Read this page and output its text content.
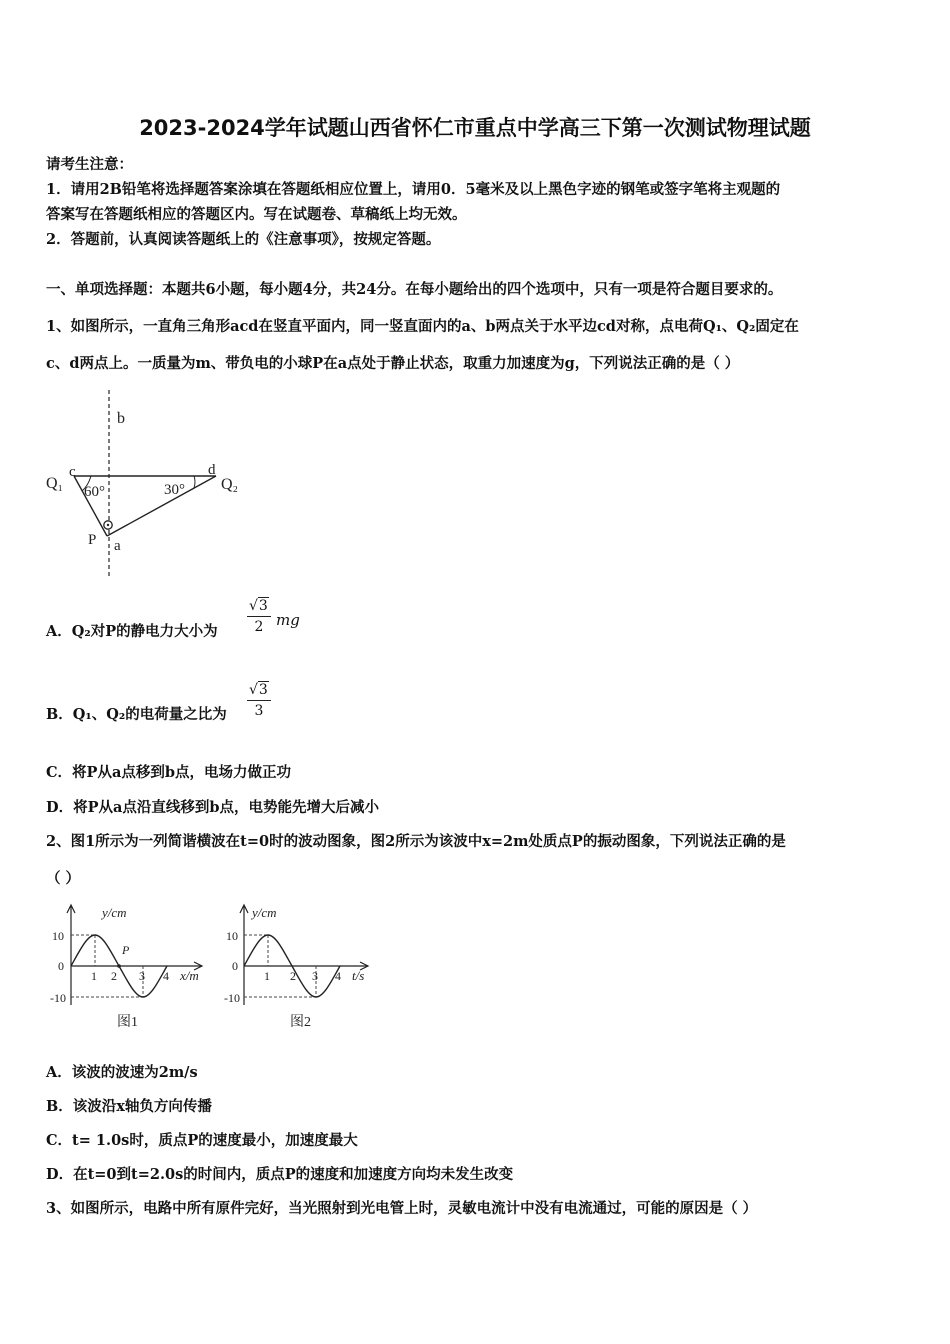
2023-2024学年试题山西省怀仁市重点中学高三下第一次测试物理试题
请考生注意：
1．请用2B铅笔将选择题答案涂填在答题纸相应位置上，请用0．5毫米及以上黑色字迹的钢笔或签字笔将主观题的
答案写在答题纸相应的答题区内。写在试题卷、草稿纸上均无效。
2．答题前，认真阅读答题纸上的《注意事项》，按规定答题。
一、单项选择题：本题共6小题，每小题4分，共24分。在每小题给出的四个选项中，只有一项是符合题目要求的。
1、如图所示，一直角三角形acd在竖直平面内，同一竖直面内的a、b两点关于水平边cd对称，点电荷Q₁、Q₂固定在
c、d两点上。一质量为m、带负电的小球P在a点处于静止状态，取重力加速度为g，下列说法正确的是（ ）
b
c	d
Q₁	Q₂
60°	30°
P a
A．Q₂对P的静电力大小为 $\frac{√3}{2}$ mg
B．Q₁、Q₂的电荷量之比为 $\frac{√3}{3}$
C．将P从a点移到b点，电场力做正功
D．将P从a点沿直线移到b点，电势能先增大后减小
2、图1所示为一列简谐横波在t=0时的波动图象，图2所示为该波中x=2m处质点P的振动图象，下列说法正确的是
（ ）
y/cm
x/m
10
0
-10
1 2 3 4
P
图1
y/cm
t/s
10
0
-10
1 2 3 4
图2
A．该波的波速为2m/s
B．该波沿x轴负方向传播
C．t= 1.0s时，质点P的速度最小，加速度最大
D．在t=0到t=2.0s的时间内，质点P的速度和加速度方向均未发生改变
3、如图所示，电路中所有原件完好，当光照射到光电管上时，灵敏电流计中没有电流通过，可能的原因是（ ）
